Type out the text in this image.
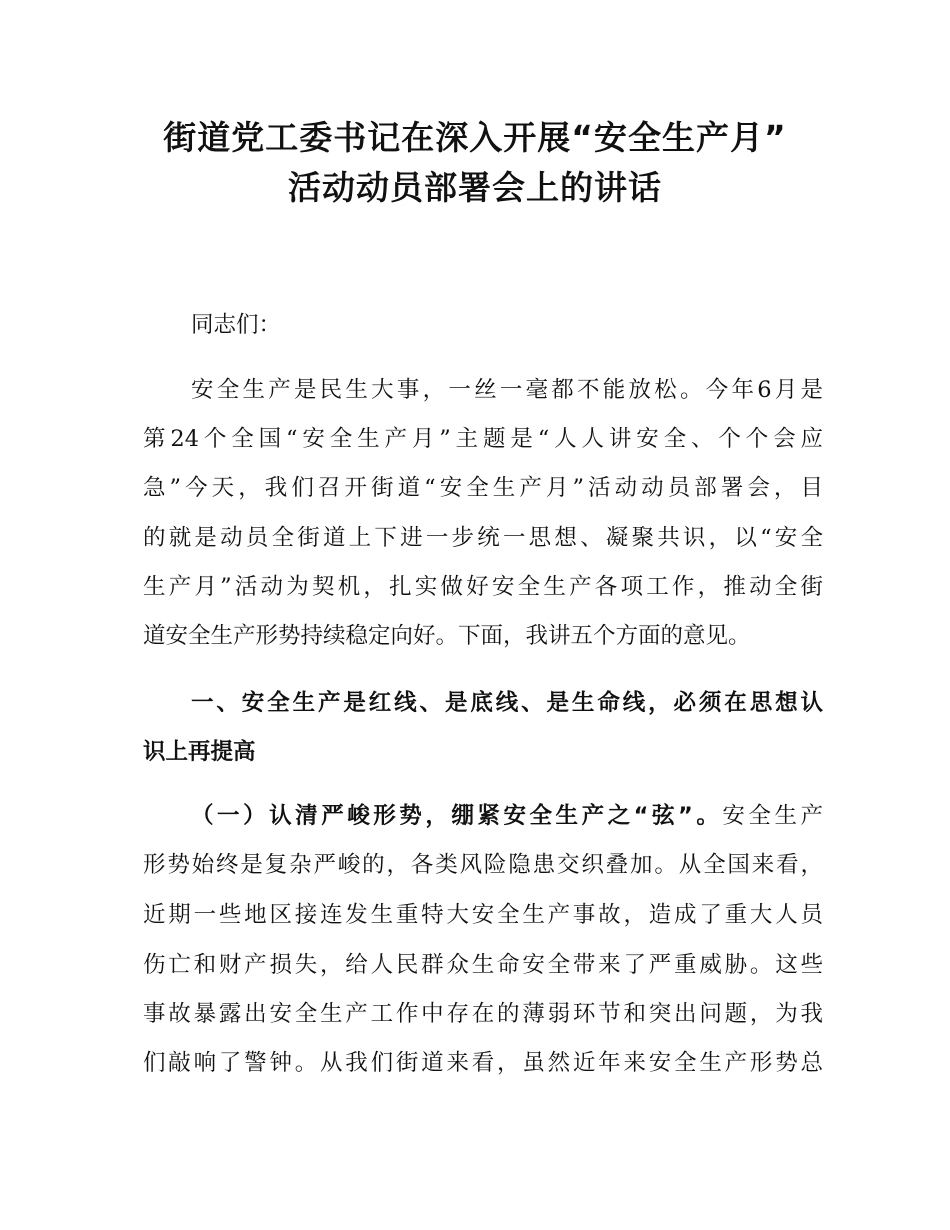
街道党工委书记在深入开展“安全生产月”
活动动员部署会上的讲话
同志们：
安全生产是民生大事，一丝一毫都不能放松。今年6月是
第24个全国“安全生产月”主题是“人人讲安全、个个会应
急”今天，我们召开街道“安全生产月”活动动员部署会，目
的就是动员全街道上下进一步统一思想、凝聚共识，以“安全
生产月”活动为契机，扎实做好安全生产各项工作，推动全街
道安全生产形势持续稳定向好。下面，我讲五个方面的意见。
一、安全生产是红线、是底线、是生命线，必须在思想认
识上再提高
（一）认清严峻形势，绷紧安全生产之“弦”。安全生产
形势始终是复杂严峻的，各类风险隐患交织叠加。从全国来看，
近期一些地区接连发生重特大安全生产事故，造成了重大人员
伤亡和财产损失，给人民群众生命安全带来了严重威胁。这些
事故暴露出安全生产工作中存在的薄弱环节和突出问题，为我
们敲响了警钟。从我们街道来看，虽然近年来安全生产形势总
